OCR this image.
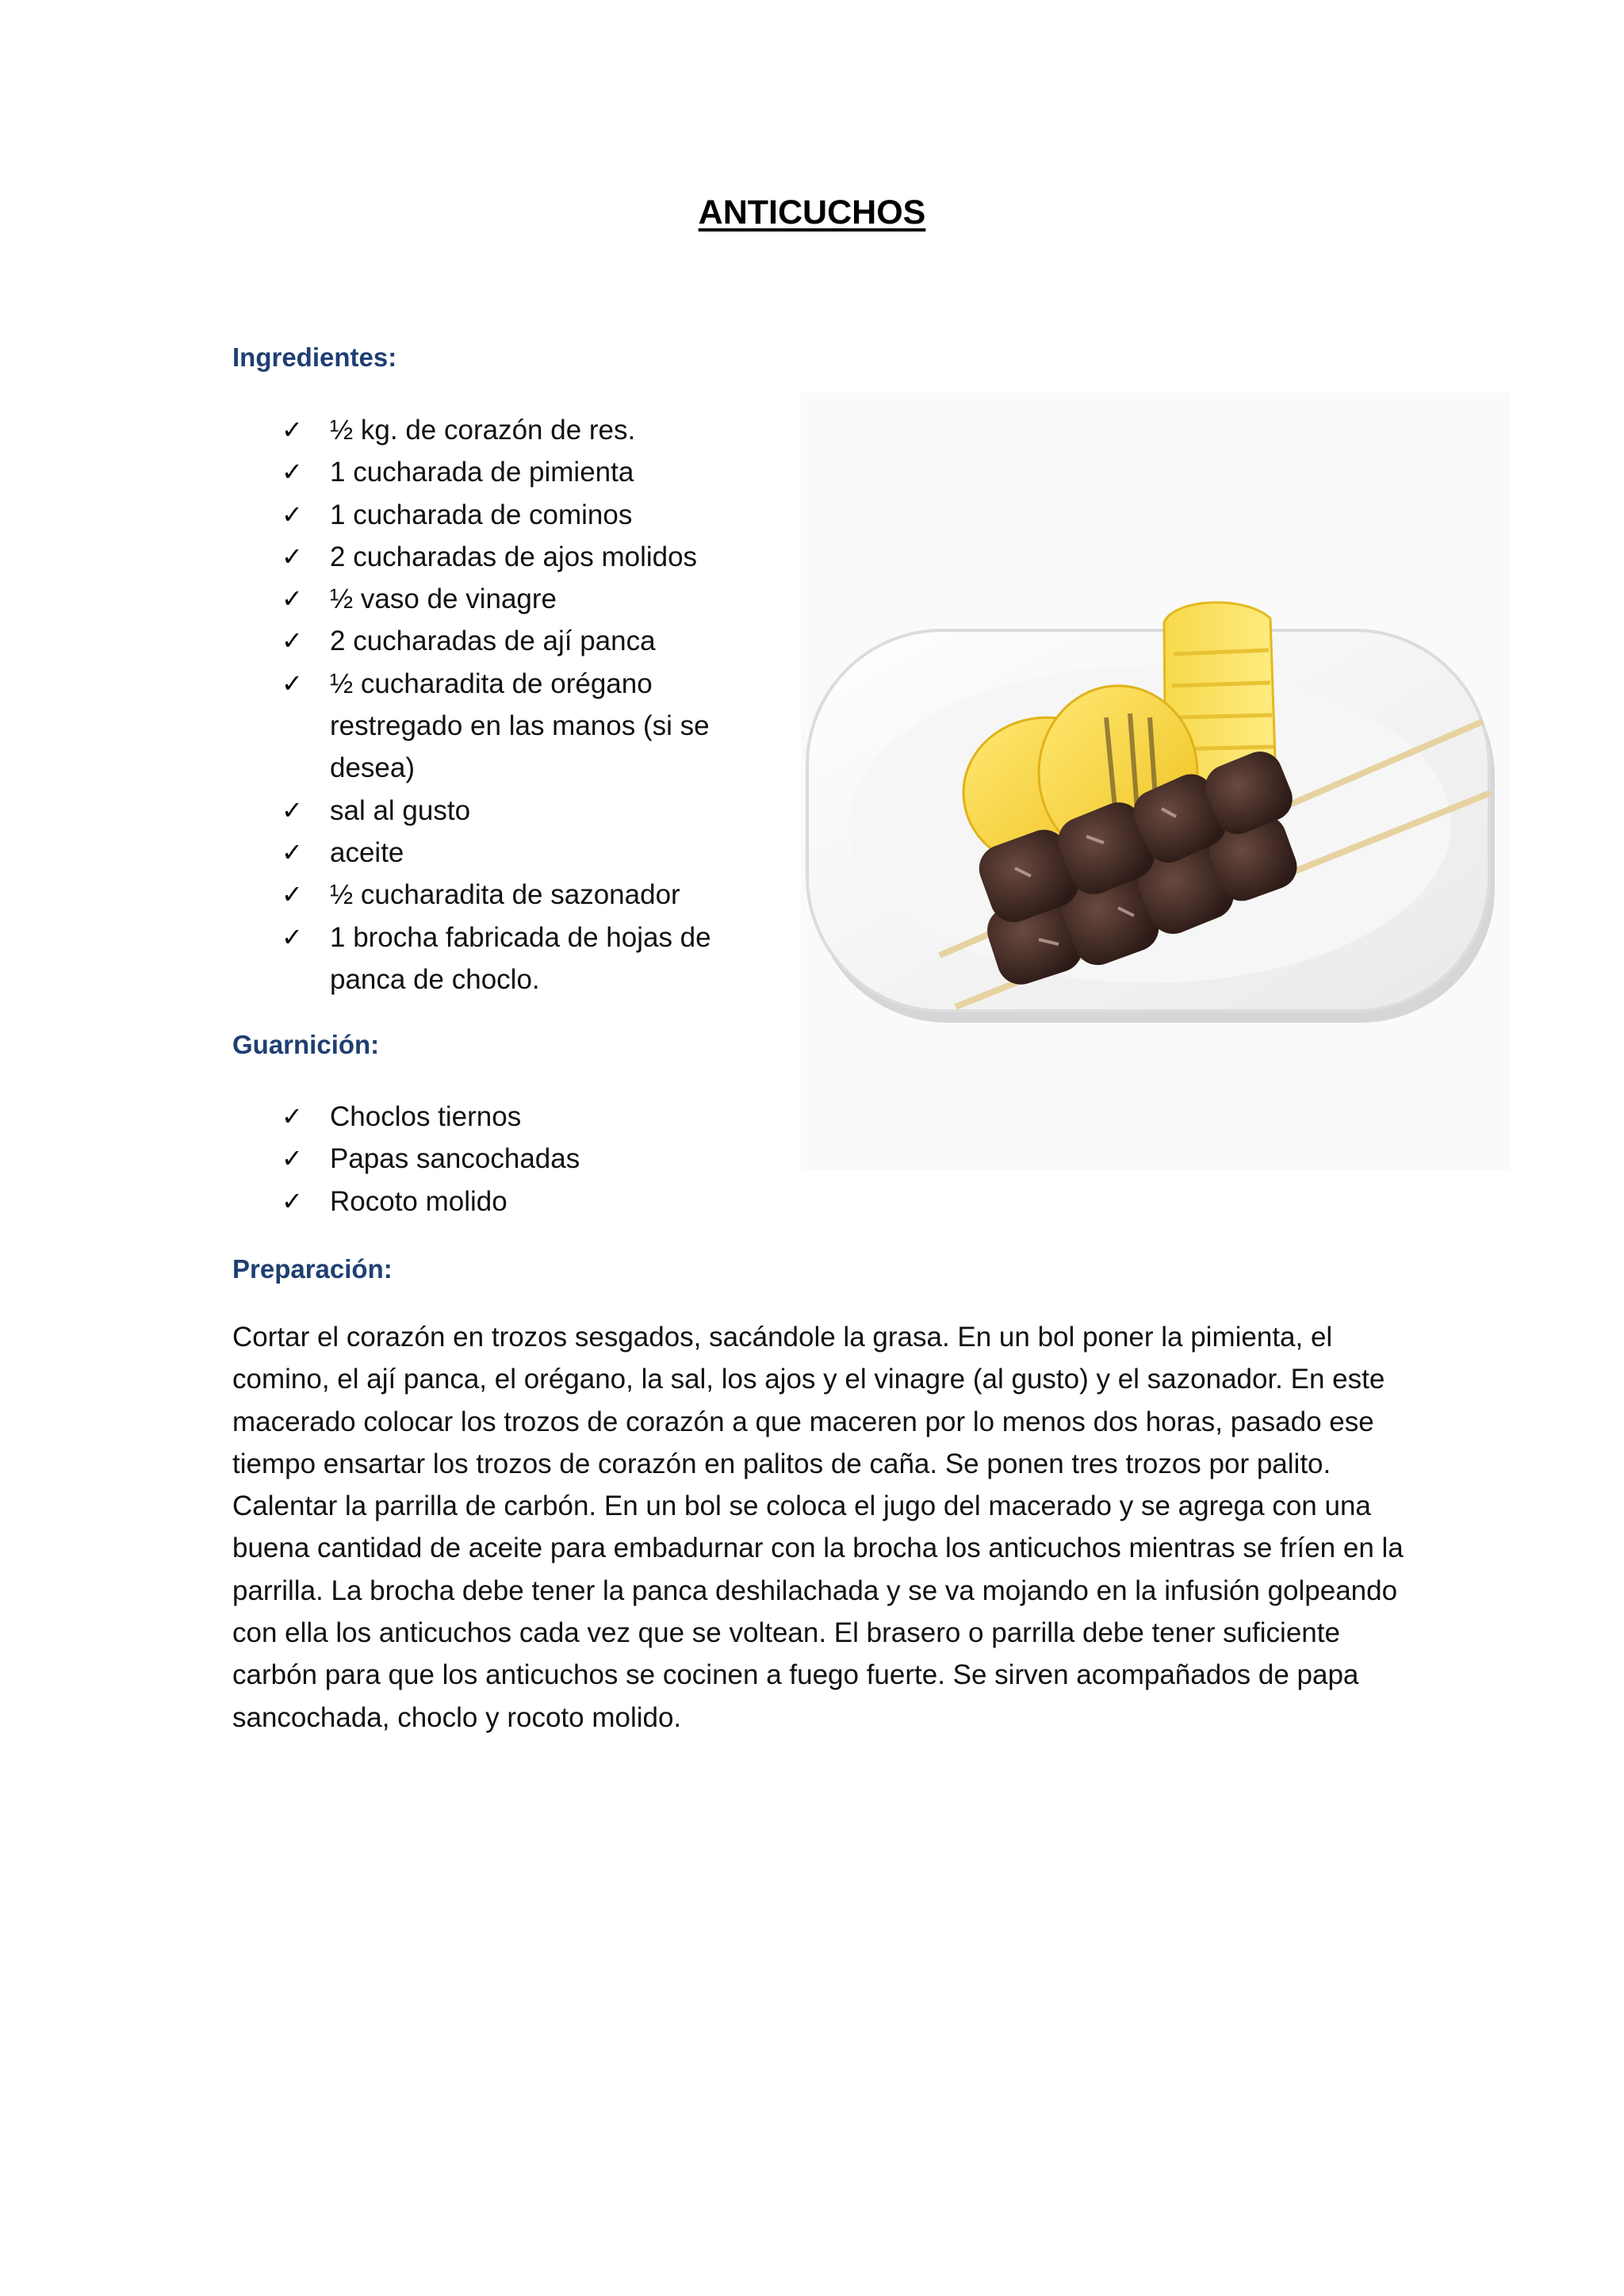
ANTICUCHOS
Ingredientes:
✓ ½ kg. de corazón de res.
✓ 1 cucharada de pimienta
✓ 1 cucharada de cominos
✓ 2 cucharadas de ajos molidos
✓ ½ vaso de vinagre
✓ 2 cucharadas de ají panca
✓ ½ cucharadita de orégano restregado en las manos (si se desea)
✓ sal al gusto
✓ aceite
✓ ½ cucharadita de sazonador
✓ 1 brocha fabricada de hojas de panca de choclo.
Guarnición:
✓ Choclos tiernos
✓ Papas sancochadas
✓ Rocoto molido
Preparación:

Cortar el corazón en trozos sesgados, sacándole la grasa. En un bol poner la pimienta, el comino, el ají panca, el orégano, la sal, los ajos y el vinagre (al gusto) y el sazonador. En este macerado colocar los trozos de corazón a que maceren por lo menos dos horas, pasado ese tiempo ensartar los trozos de corazón en palitos de caña. Se ponen tres trozos por palito. Calentar la parrilla de carbón. En un bol se coloca el jugo del macerado y se agrega con una buena cantidad de aceite para embadurnar con la brocha los anticuchos mientras se fríen en la parrilla. La brocha debe tener la panca deshilachada y se va mojando en la infusión golpeando con ella los anticuchos cada vez que se voltean. El brasero o parrilla debe tener suficiente carbón para que los anticuchos se cocinen a fuego fuerte. Se sirven acompañados de papa sancochada, choclo y rocoto molido.
